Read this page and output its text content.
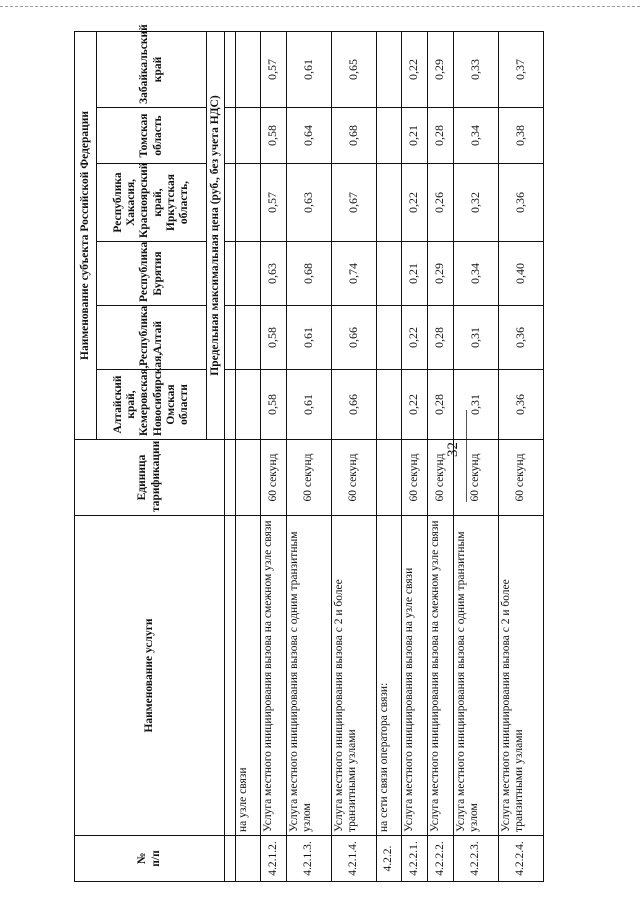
32
№
п/п	Наименование услуги	Единица тарификации	Наименование субъекта Российской Федерации					
			Алтайский край, Кемеровская, Новосибирская, Омская области	Республика Алтай	Республика Бурятия	Республика Хакасия, Красноярский край, Иркутская область,	Томская область	Забайкальский край
			Предельная максимальная цена (руб., без учета НДС)					

	на узле связи							
4.2.1.2.	Услуга местного инициирования вызова на смежном узле связи	60 секунд	0,58	0,58	0,63	0,57	0,58	0,57
4.2.1.3.	Услуга местного инициирования вызова с одним транзитным узлом	60 секунд	0,61	0,61	0,68	0,63	0,64	0,61
4.2.1.4.	Услуга местного инициирования вызова с 2 и более транзитными узлами	60 секунд	0,66	0,66	0,74	0,67	0,68	0,65
4.2.2.	на сети связи оператора связи:							
4.2.2.1.	Услуга местного инициирования вызова на узле связи	60 секунд	0,22	0,22	0,21	0,22	0,21	0,22
4.2.2.2.	Услуга местного инициирования вызова на смежном узле связи	60 секунд	0,28	0,28	0,29	0,26	0,28	0,29
4.2.2.3.	Услуга местного инициирования вызова с одним транзитным узлом	60 секунд	0,31	0,31	0,34	0,32	0,34	0,33
4.2.2.4.	Услуга местного инициирования вызова с 2 и более транзитными узлами	60 секунд	0,36	0,36	0,40	0,36	0,38	0,37
